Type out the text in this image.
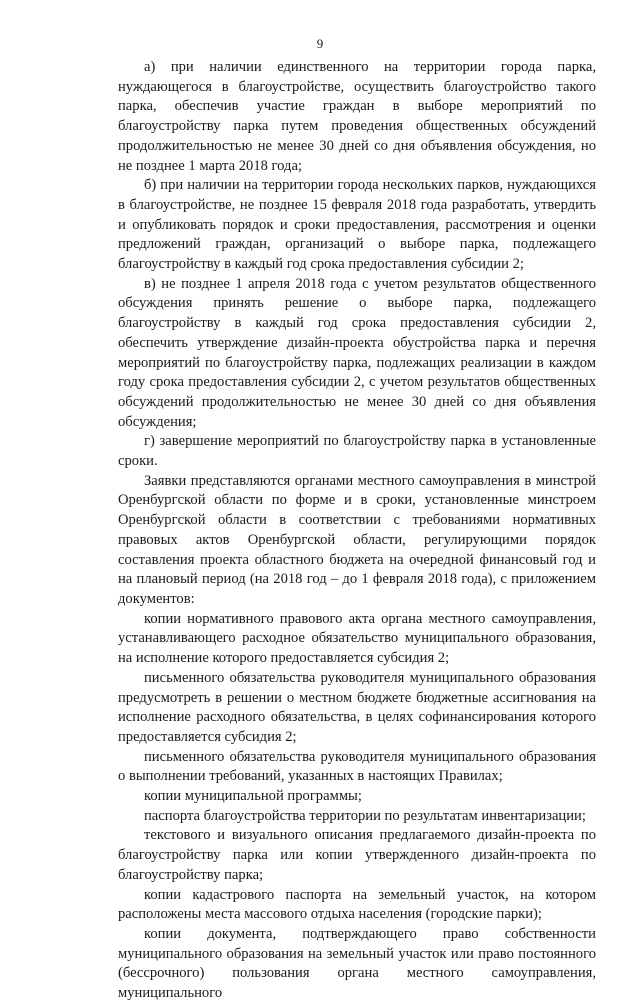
9

а) при наличии единственного на территории города парка, нуждающегося в благоустройстве, осуществить благоустройство такого парка, обеспечив участие граждан в выборе мероприятий по благоустройству парка путем проведения общественных обсуждений продолжительностью не менее 30 дней со дня объявления обсуждения, но не позднее 1 марта 2018 года;

б) при наличии на территории города нескольких парков, нуждающихся в благоустройстве, не позднее 15 февраля 2018 года разработать, утвердить и опубликовать порядок и сроки предоставления, рассмотрения и оценки предложений граждан, организаций о выборе парка, подлежащего благоустройству в каждый год срока предоставления субсидии 2;

в) не позднее 1 апреля 2018 года с учетом результатов общественного обсуждения принять решение о выборе парка, подлежащего благоустройству в каждый год срока предоставления субсидии 2, обеспечить утверждение дизайн-проекта обустройства парка и перечня мероприятий по благоустройству парка, подлежащих реализации в каждом году срока предоставления субсидии 2, с учетом результатов общественных обсуждений продолжительностью не менее 30 дней со дня объявления обсуждения;

г) завершение мероприятий по благоустройству парка в установленные сроки.

Заявки представляются органами местного самоуправления в минстрой Оренбургской области по форме и в сроки, установленные минстроем Оренбургской области в соответствии с требованиями нормативных правовых актов Оренбургской области, регулирующими порядок составления проекта областного бюджета на очередной финансовый год и на плановый период (на 2018 год – до 1 февраля 2018 года), с приложением документов:

копии нормативного правового акта органа местного самоуправления, устанавливающего расходное обязательство муниципального образования, на исполнение которого предоставляется субсидия 2;

письменного обязательства руководителя муниципального образования предусмотреть в решении о местном бюджете бюджетные ассигнования на исполнение расходного обязательства, в целях софинансирования которого предоставляется субсидия 2;

письменного обязательства руководителя муниципального образования о выполнении требований, указанных в настоящих Правилах;

копии муниципальной программы;

паспорта благоустройства территории по результатам инвентаризации;

текстового и визуального описания предлагаемого дизайн-проекта по благоустройству парка или копии утвержденного дизайн-проекта по благоустройству парка;

копии кадастрового паспорта на земельный участок, на котором расположены места массового отдыха населения (городские парки);

копии документа, подтверждающего право собственности муниципального образования на земельный участок или право постоянного (бессрочного) пользования органа местного самоуправления, муниципального
